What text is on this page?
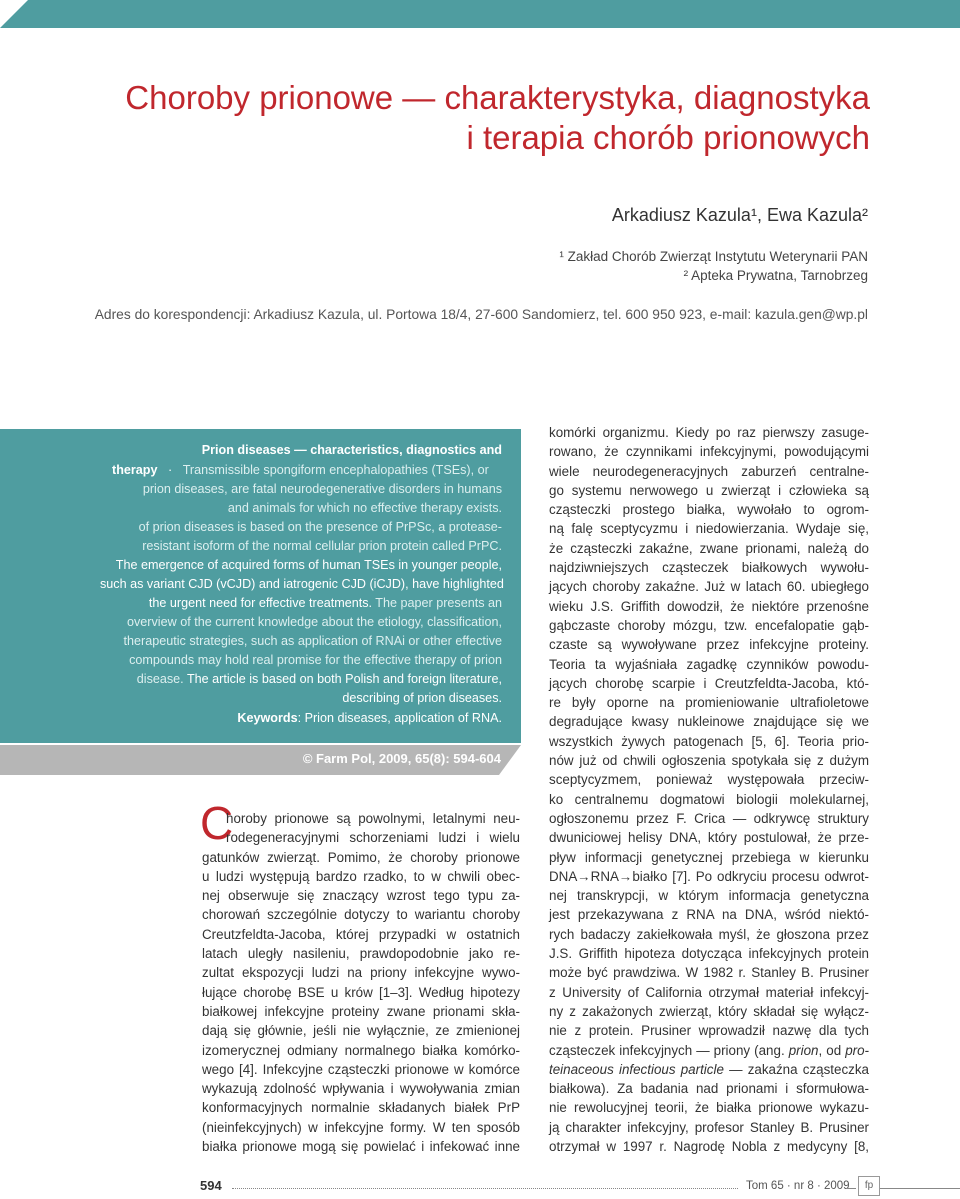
Choroby prionowe — charakterystyka, diagnostyka
i terapia chorób prionowych
Arkadiusz Kazula¹, Ewa Kazula²
¹ Zakład Chorób Zwierząt Instytutu Weterynarii PAN
² Apteka Prywatna, Tarnobrzeg
Adres do korespondencji: Arkadiusz Kazula, ul. Portowa 18/4, 27-600 Sandomierz, tel. 600 950 923, e-mail: kazula.gen@wp.pl
Prion diseases — characteristics, diagnostics and
therapy · Transmissible spongiform encephalopathies (TSEs), or
prion diseases, are fatal neurodegenerative disorders in humans
and animals for which no effective therapy exists.
of prion diseases is based on the presence of PrPSc, a protease-
resistant isoform of the normal cellular prion protein called PrPC.
The emergence of acquired forms of human TSEs in younger people,
such as variant CJD (vCJD) and iatrogenic CJD (iCJD), have highlighted
the urgent need for effective treatments. The paper presents an
overview of the current knowledge about the etiology, classification,
therapeutic strategies, such as application of RNAi or other effective
compounds may hold real promise for the effective therapy of prion
disease. The article is based on both Polish and foreign literature,
describing of prion diseases.
Keywords: Prion diseases, application of RNA.
© Farm Pol, 2009, 65(8): 594-604
C
horoby prionowe są powolnymi, letalnymi neu-
rodegeneracyjnymi schorzeniami ludzi i wielu
gatunków zwierząt. Pomimo, że choroby prionowe
u ludzi występują bardzo rzadko, to w chwili obec-
nej obserwuje się znaczący wzrost tego typu za-
chorowań szczególnie dotyczy to wariantu choroby
Creutzfeldta-Jacoba, której przypadki w ostatnich
latach uległy nasileniu, prawdopodobnie jako re-
zultat ekspozycji ludzi na priony infekcyjne wywo-
łujące chorobę BSE u krów [1–3]. Według hipotezy
białkowej infekcyjne proteiny zwane prionami skła-
dają się głównie, jeśli nie wyłącznie, ze zmienionej
izomerycznej odmiany normalnego białka komórko-
wego [4]. Infekcyjne cząsteczki prionowe w komórce
wykazują zdolność wpływania i wywoływania zmian
konformacyjnych normalnie składanych białek PrP
(nieinfekcyjnych) w infekcyjne formy. W ten sposób
białka prionowe mogą się powielać i infekować inne
komórki organizmu. Kiedy po raz pierwszy zasuge-
rowano, że czynnikami infekcyjnymi, powodującymi
wiele neurodegeneracyjnych zaburzeń centralne-
go systemu nerwowego u zwierząt i człowieka są
cząsteczki prostego białka, wywołało to ogrom-
ną falę sceptycyzmu i niedowierzania. Wydaje się,
że cząsteczki zakaźne, zwane prionami, należą do
najdziwniejszych cząsteczek białkowych wywołu-
jących choroby zakaźne. Już w latach 60. ubiegłego
wieku J.S. Griffith dowodził, że niektóre przenośne
gąbczaste choroby mózgu, tzw. encefalopatie gąb-
czaste są wywoływane przez infekcyjne proteiny.
Teoria ta wyjaśniała zagadkę czynników powodu-
jących chorobę scarpie i Creutzfeldta-Jacoba, któ-
re były oporne na promieniowanie ultrafioletowe
degradujące kwasy nukleinowe znajdujące się we
wszystkich żywych patogenach [5, 6]. Teoria prio-
nów już od chwili ogłoszenia spotykała się z dużym
sceptycyzmem, ponieważ występowała przeciw-
ko centralnemu dogmatowi biologii molekularnej,
ogłoszonemu przez F. Crica — odkrywcę struktury
dwuniciowej helisy DNA, który postulował, że prze-
pływ informacji genetycznej przebiega w kierunku
DNA→RNA→białko [7]. Po odkryciu procesu odwrot-
nej transkrypcji, w którym informacja genetyczna
jest przekazywana z RNA na DNA, wśród niektó-
rych badaczy zakiełkowała myśl, że głoszona przez
J.S. Griffith hipoteza dotycząca infekcyjnych protein
może być prawdziwa. W 1982 r. Stanley B. Prusiner
z University of California otrzymał materiał infekcyj-
ny z zakażonych zwierząt, który składał się wyłącz-
nie z protein. Prusiner wprowadził nazwę dla tych
cząsteczek infekcyjnych — priony (ang. prion, od pro-
teinaceous infectious particle — zakaźna cząsteczka
białkowa). Za badania nad prionami i sformułowa-
nie rewolucyjnej teorii, że białka prionowe wykazu-
ją charakter infekcyjny, profesor Stanley B. Prusiner
otrzymał w 1997 r. Nagrodę Nobla z medycyny [8,
594	Tom 65 · nr 8 · 2009	fp
